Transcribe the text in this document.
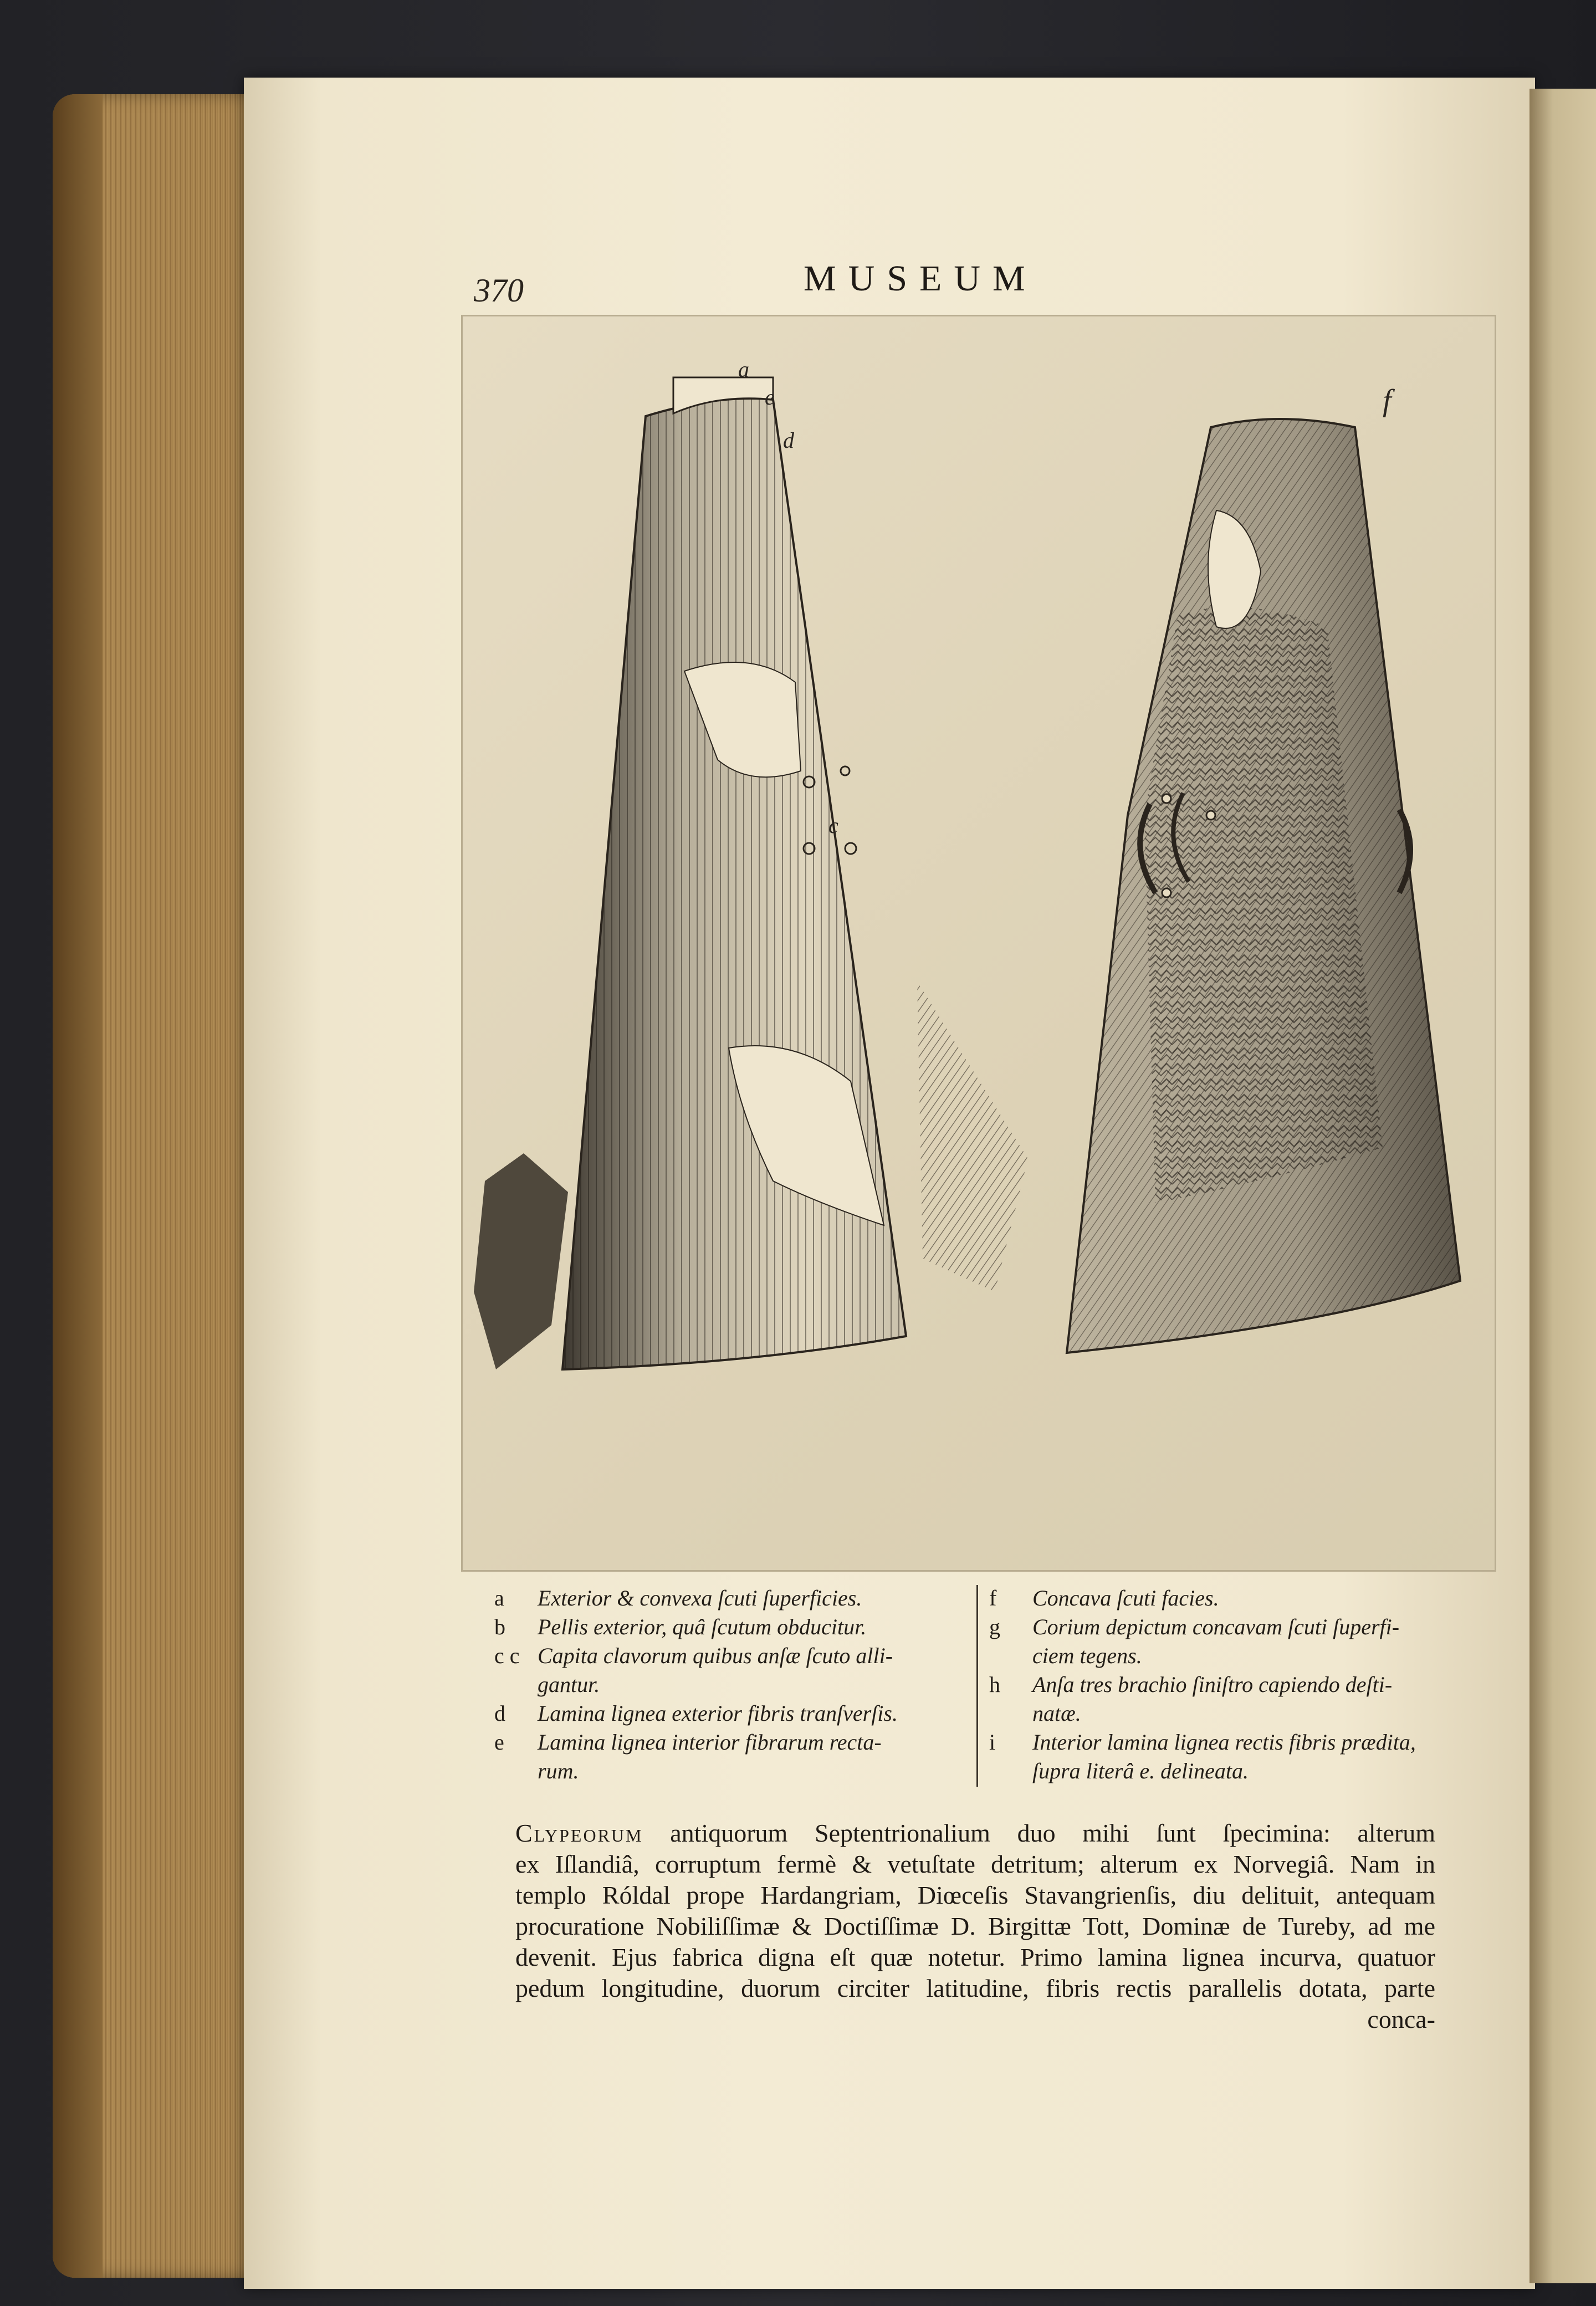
370	MUSEUM
a
e
d
c
f
a	Exterior & convexa ſcuti ſuperficies.
b	Pellis exterior, quâ ſcutum obducitur.
c c Capita clavorum quibus anſæ ſcuto alli-
gantur.
d	Lamina lignea exterior fibris tranſverſis.
e	Lamina lignea interior fibrarum recta-
rum.
f	Concava ſcuti facies.
g	Corium depictum concavam ſcuti ſuperfi-
ciem tegens.
h	Anſa tres brachio ſiniſtro capiendo deſti-
natæ.
i	Interior lamina lignea rectis fibris prædita,
ſupra literâ e. delineata.
Clypeorum antiquorum Septentrionalium duo mihi ſunt ſpecimina: alterum
ex Iſlandiâ, corruptum fermè & vetuſtate detritum; alterum ex Norvegiâ. Nam in
templo Róldal prope Hardangriam, Diœceſis Stavangrienſis, diu delituit, antequam
procuratione Nobiliſſimæ & Doctiſſimæ D. Birgittæ Tott, Dominæ de Tureby, ad me
devenit. Ejus fabrica digna eſt quæ notetur. Primo lamina lignea incurva, quatuor
pedum longitudine, duorum circiter latitudine, fibris rectis parallelis dotata, parte
conca-
